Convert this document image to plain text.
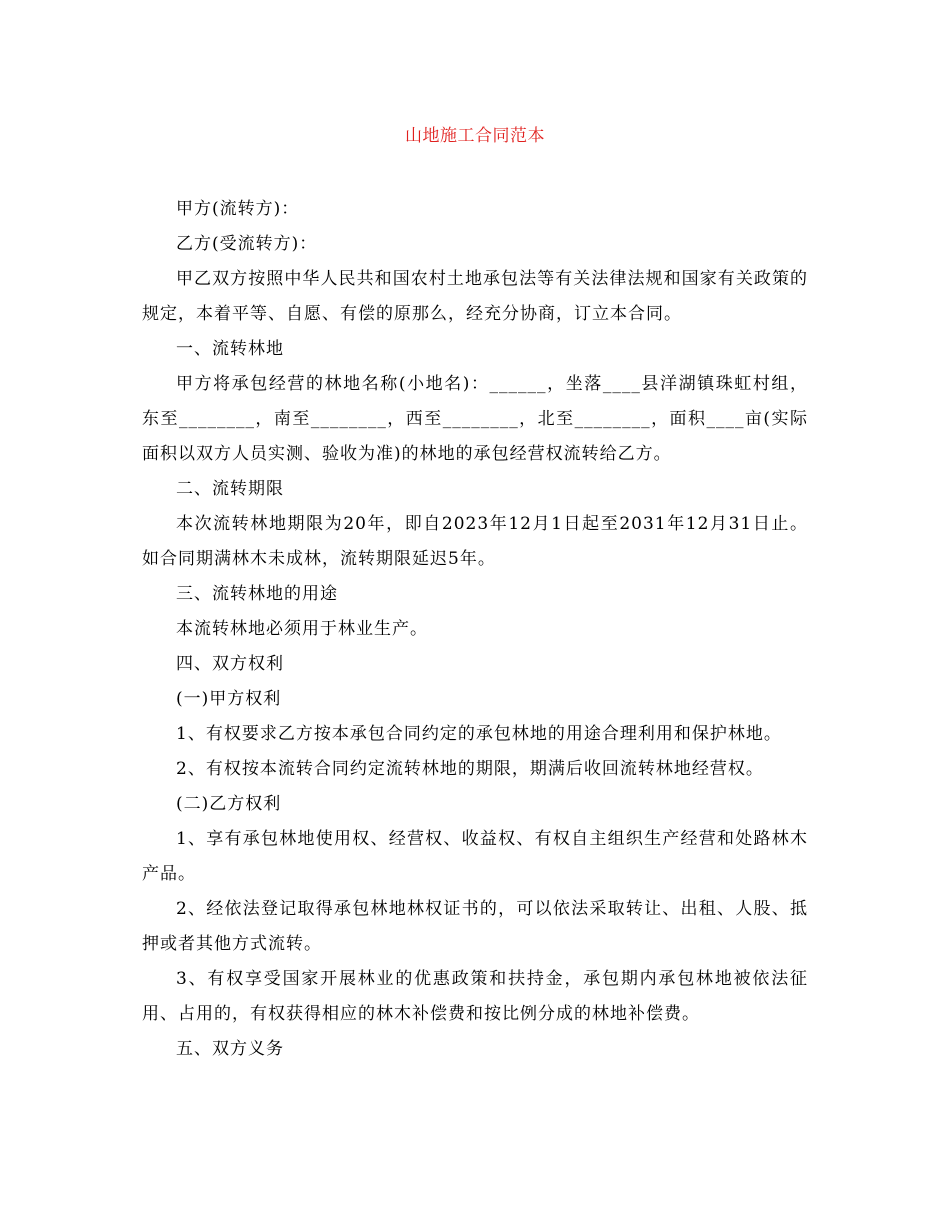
山地施工合同范本

甲方(流转方)：

乙方(受流转方)：

甲乙双方按照中华人民共和国农村土地承包法等有关法律法规和国家有关政策的规定，本着平等、自愿、有偿的原那么，经充分协商，订立本合同。

一、流转林地

甲方将承包经营的林地名称(小地名)：______，坐落____县洋湖镇珠虹村组，东至________，南至________，西至________，北至________，面积____亩(实际面积以双方人员实测、验收为准)的林地的承包经营权流转给乙方。

二、流转期限

本次流转林地期限为20年，即自2023年12月1日起至2031年12月31日止。如合同期满林木未成林，流转期限延迟5年。

三、流转林地的用途

本流转林地必须用于林业生产。

四、双方权利

(一)甲方权利

1、有权要求乙方按本承包合同约定的承包林地的用途合理利用和保护林地。

2、有权按本流转合同约定流转林地的期限，期满后收回流转林地经营权。

(二)乙方权利

1、享有承包林地使用权、经营权、收益权、有权自主组织生产经营和处路林木产品。

2、经依法登记取得承包林地林权证书的，可以依法采取转让、出租、人股、抵押或者其他方式流转。

3、有权享受国家开展林业的优惠政策和扶持金，承包期内承包林地被依法征用、占用的，有权获得相应的林木补偿费和按比例分成的林地补偿费。

五、双方义务
